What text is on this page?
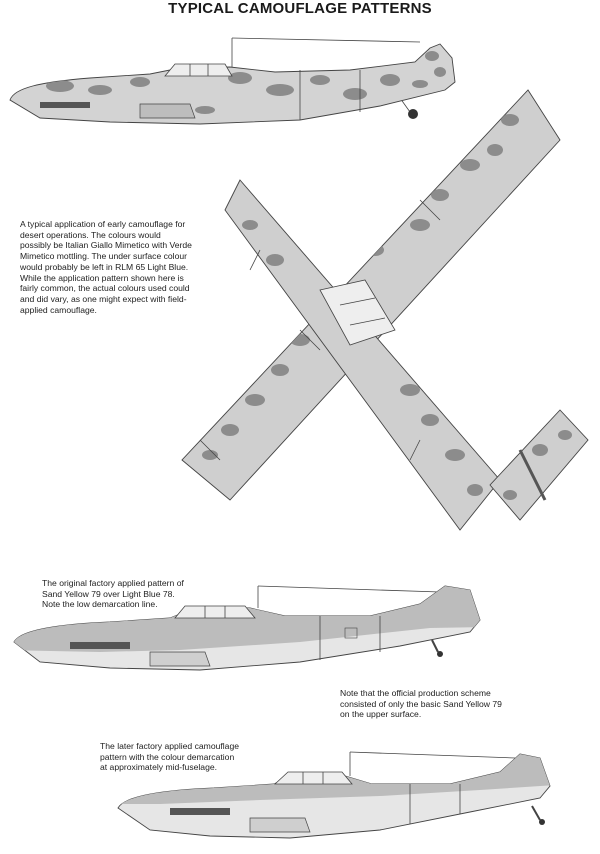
TYPICAL CAMOUFLAGE PATTERNS
A typical application of early camouflage for
desert operations. The colours would
possibly be Italian Giallo Mimetico with Verde
Mimetico mottling. The under surface colour
would probably be left in RLM 65 Light Blue.
While the application pattern shown here is
fairly common, the actual colours used could
and did vary, as one might expect with field-
applied camouflage.
The original factory applied pattern of
Sand Yellow 79 over Light Blue 78.
Note the low demarcation line.
Note that the official production scheme
consisted of only the basic Sand Yellow 79
on the upper surface.
The later factory applied camouflage
pattern with the colour demarcation
at approximately mid-fuselage.
